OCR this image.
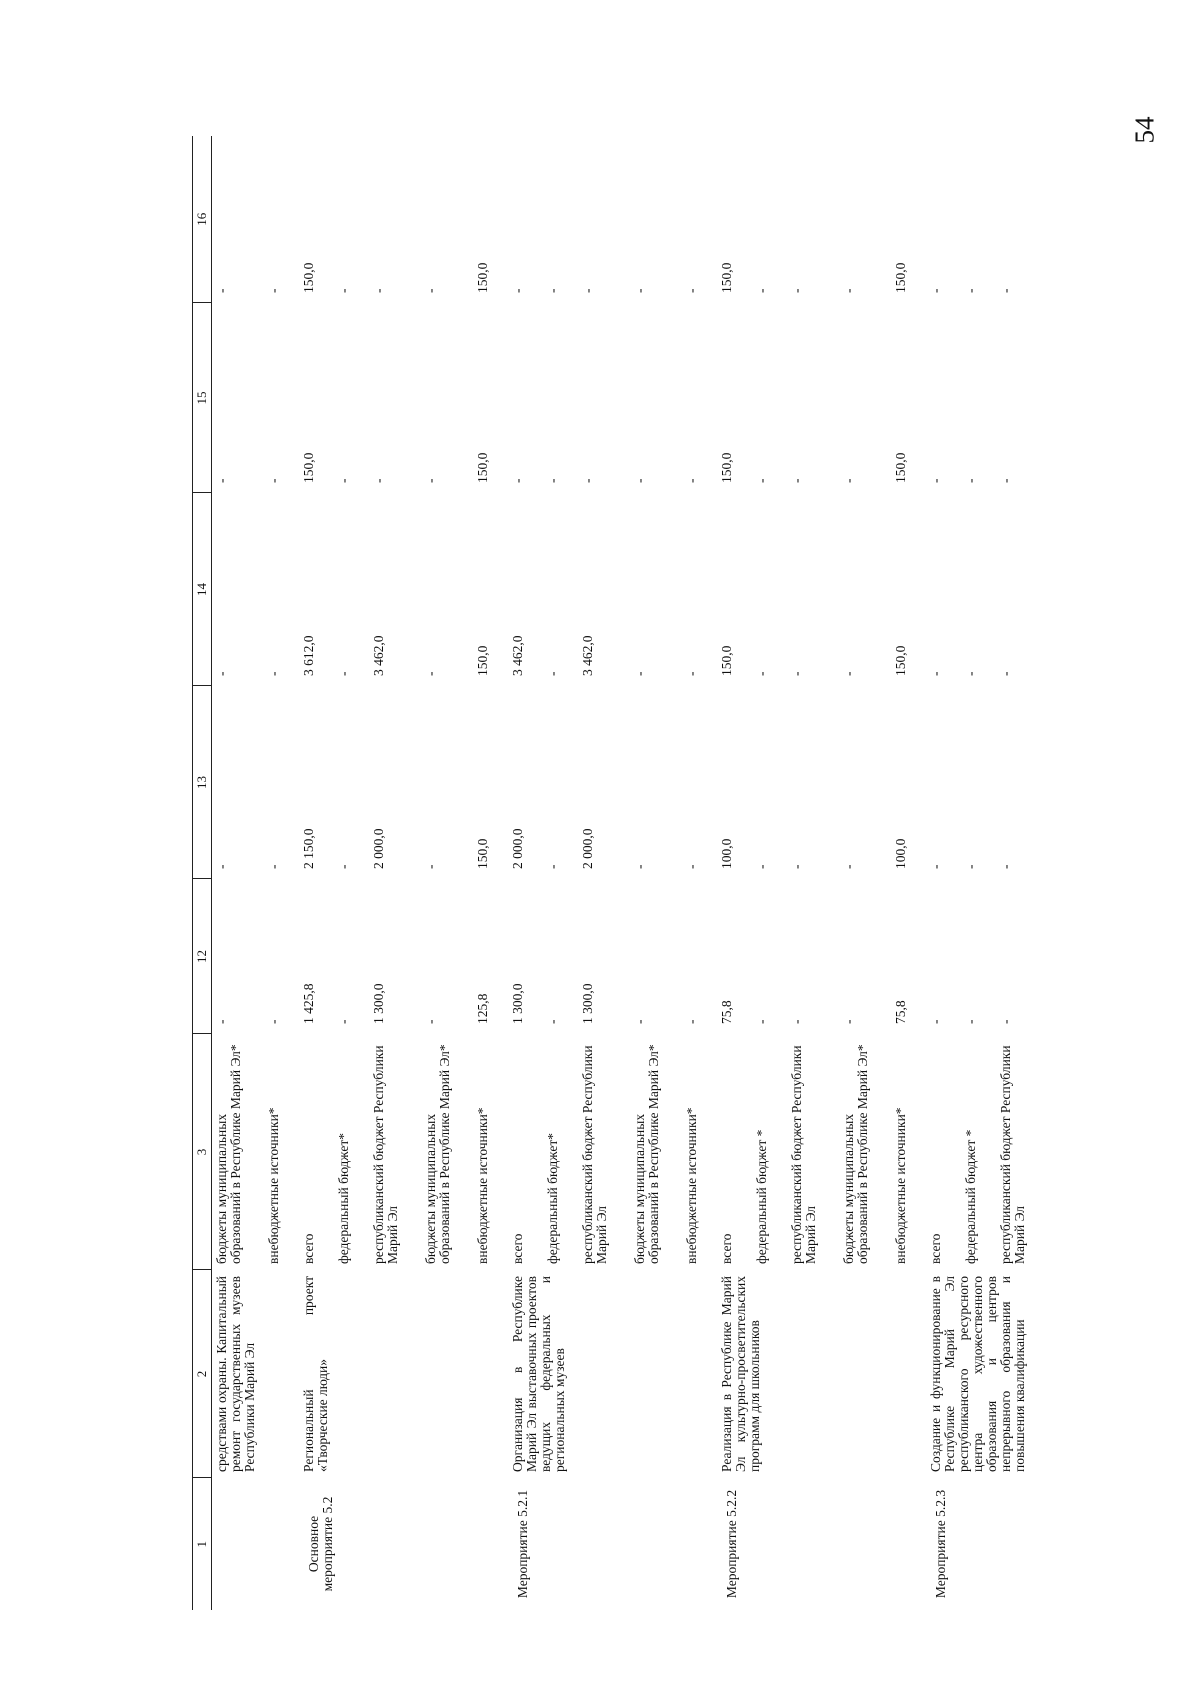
54
1	2	3	12	13	14	15	16
	средствами охраны. Капитальный ремонт государственных музеев Республики Марий Эл	бюджеты муниципальных образований в Республике Марий Эл*	-	-	-	-	-
		внебюджетные источники*	-	-	-	-	-
Основное мероприятие 5.2	Региональный проект «Творческие люди»	всего	1 425,8	2 150,0	3 612,0	150,0	150,0
		федеральный бюджет*	-	-	-	-	-
		республиканский бюджет Республики Марий Эл	1 300,0	2 000,0	3 462,0	-	-
		бюджеты муниципальных образований в Республике Марий Эл*	-	-	-	-	-
		внебюджетные источники*	125,8	150,0	150,0	150,0	150,0
Мероприятие 5.2.1	Организация в Республике Марий Эл выставочных проектов ведущих федеральных и региональных музеев	всего	1 300,0	2 000,0	3 462,0	-	-
		федеральный бюджет*	-	-	-	-	-
		республиканский бюджет Республики Марий Эл	1 300,0	2 000,0	3 462,0	-	-
		бюджеты муниципальных образований в Республике Марий Эл*	-	-	-	-	-
		внебюджетные источники*	-	-	-	-	-
Мероприятие 5.2.2	Реализация в Республике Марий Эл культурно-просветительских программ для школьников	всего	75,8	100,0	150,0	150,0	150,0
		федеральный бюджет *	-	-	-	-	-
		республиканский бюджет Республики Марий Эл	-	-	-	-	-
		бюджеты муниципальных образований в Республике Марий Эл*	-	-	-	-	-
		внебюджетные источники*	75,8	100,0	150,0	150,0	150,0
Мероприятие 5.2.3	Создание и функционирование в Республике Марий Эл республиканского ресурсного центра художественного образования и центров непрерывного образования и повышения квалификации	всего	-	-	-	-	-
		федеральный бюджет *	-	-	-	-	-
		республиканский бюджет Республики Марий Эл	-	-	-	-	-
